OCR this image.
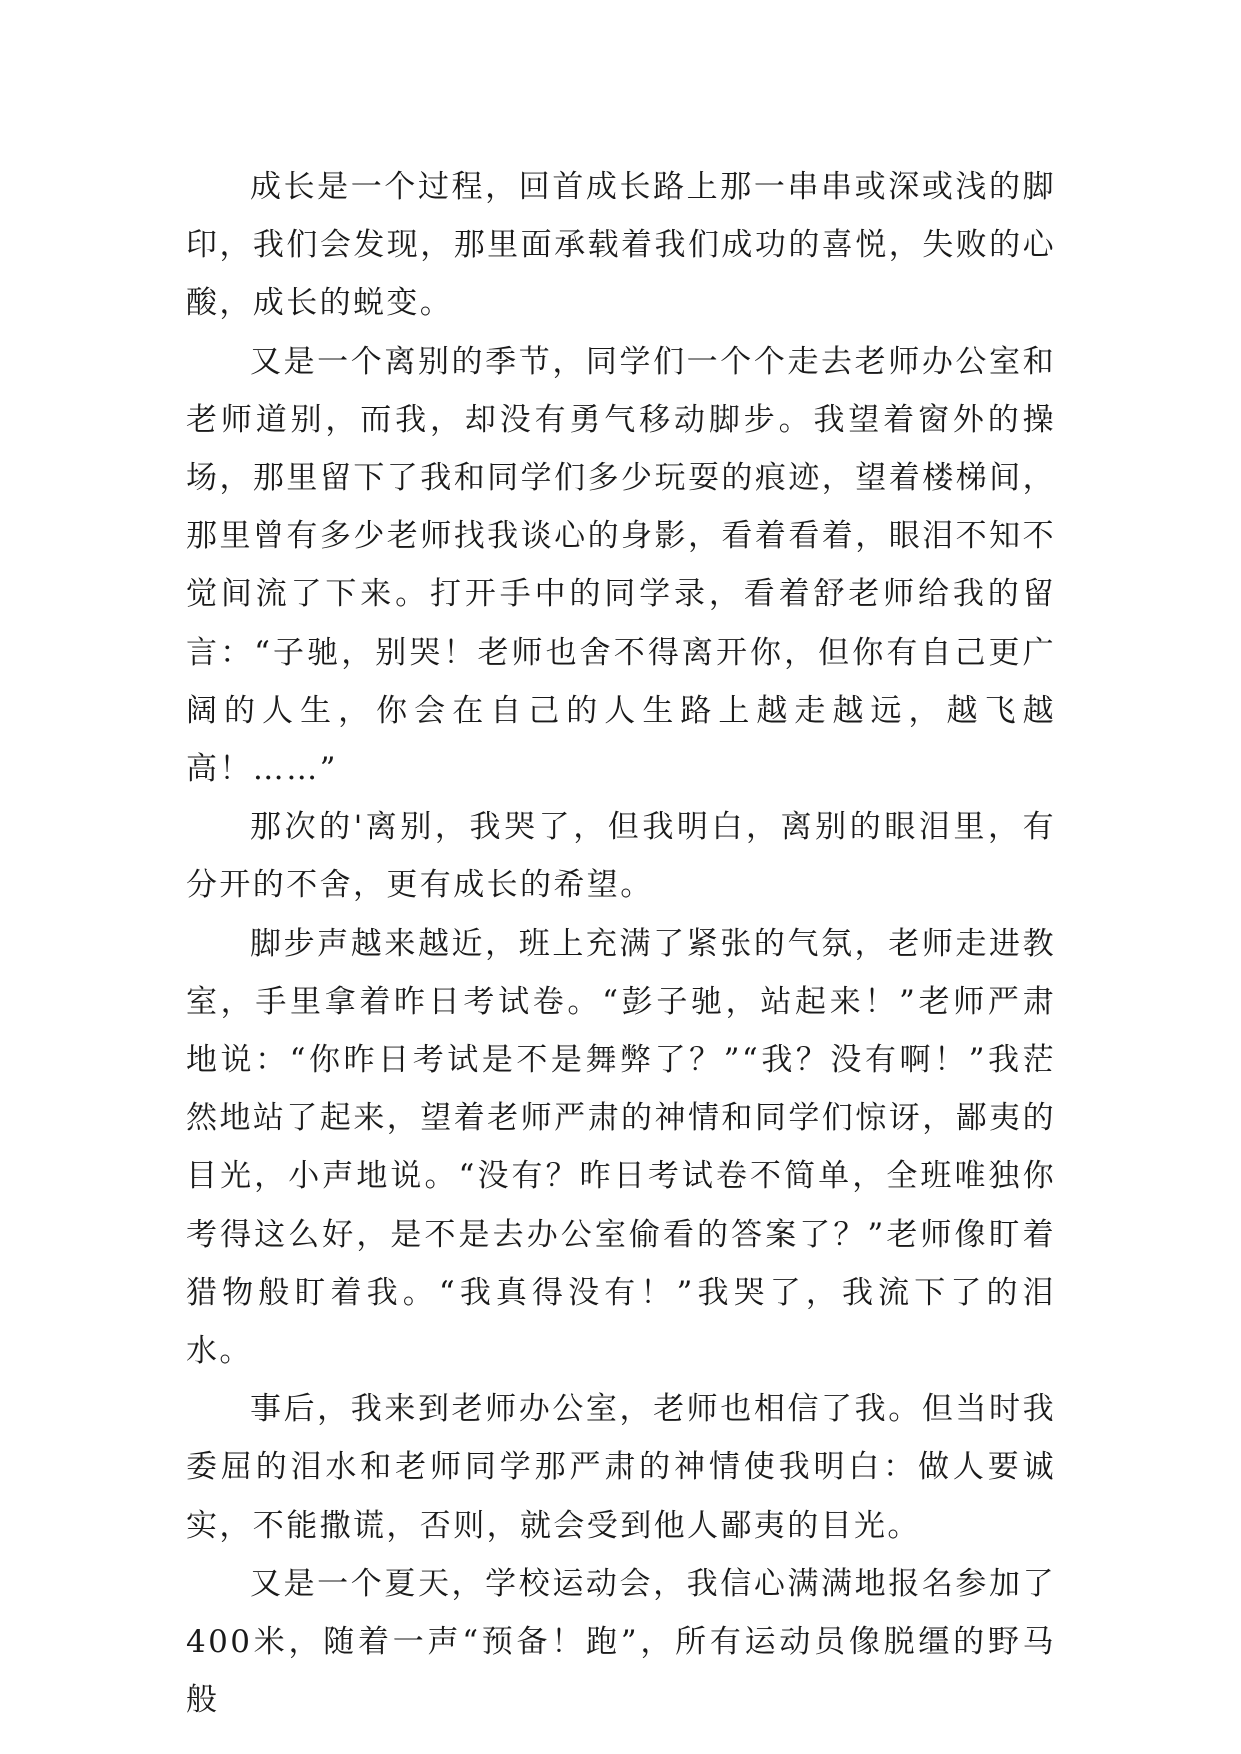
成长是一个过程，回首成长路上那一串串或深或浅的脚印，我们会发现，那里面承载着我们成功的喜悦，失败的心酸，成长的蜕变。

又是一个离别的季节，同学们一个个走去老师办公室和老师道别，而我，却没有勇气移动脚步。我望着窗外的操场，那里留下了我和同学们多少玩耍的痕迹，望着楼梯间，那里曾有多少老师找我谈心的身影，看着看着，眼泪不知不觉间流了下来。打开手中的同学录，看着舒老师给我的留言：“子驰，别哭！老师也舍不得离开你，但你有自己更广阔的人生，你会在自己的人生路上越走越远，越飞越高！……”

那次的'离别，我哭了，但我明白，离别的眼泪里，有分开的不舍，更有成长的希望。

脚步声越来越近，班上充满了紧张的气氛，老师走进教室，手里拿着昨日考试卷。“彭子驰，站起来！”老师严肃地说：“你昨日考试是不是舞弊了？”“我？没有啊！”我茫然地站了起来，望着老师严肃的神情和同学们惊讶，鄙夷的目光，小声地说。“没有？昨日考试卷不简单，全班唯独你考得这么好，是不是去办公室偷看的答案了？”老师像盯着猎物般盯着我。“我真得没有！”我哭了，我流下了的泪水。

事后，我来到老师办公室，老师也相信了我。但当时我委屈的泪水和老师同学那严肃的神情使我明白：做人要诚实，不能撒谎，否则，就会受到他人鄙夷的目光。

又是一个夏天，学校运动会，我信心满满地报名参加了400米，随着一声“预备！跑”，所有运动员像脱缰的野马般
